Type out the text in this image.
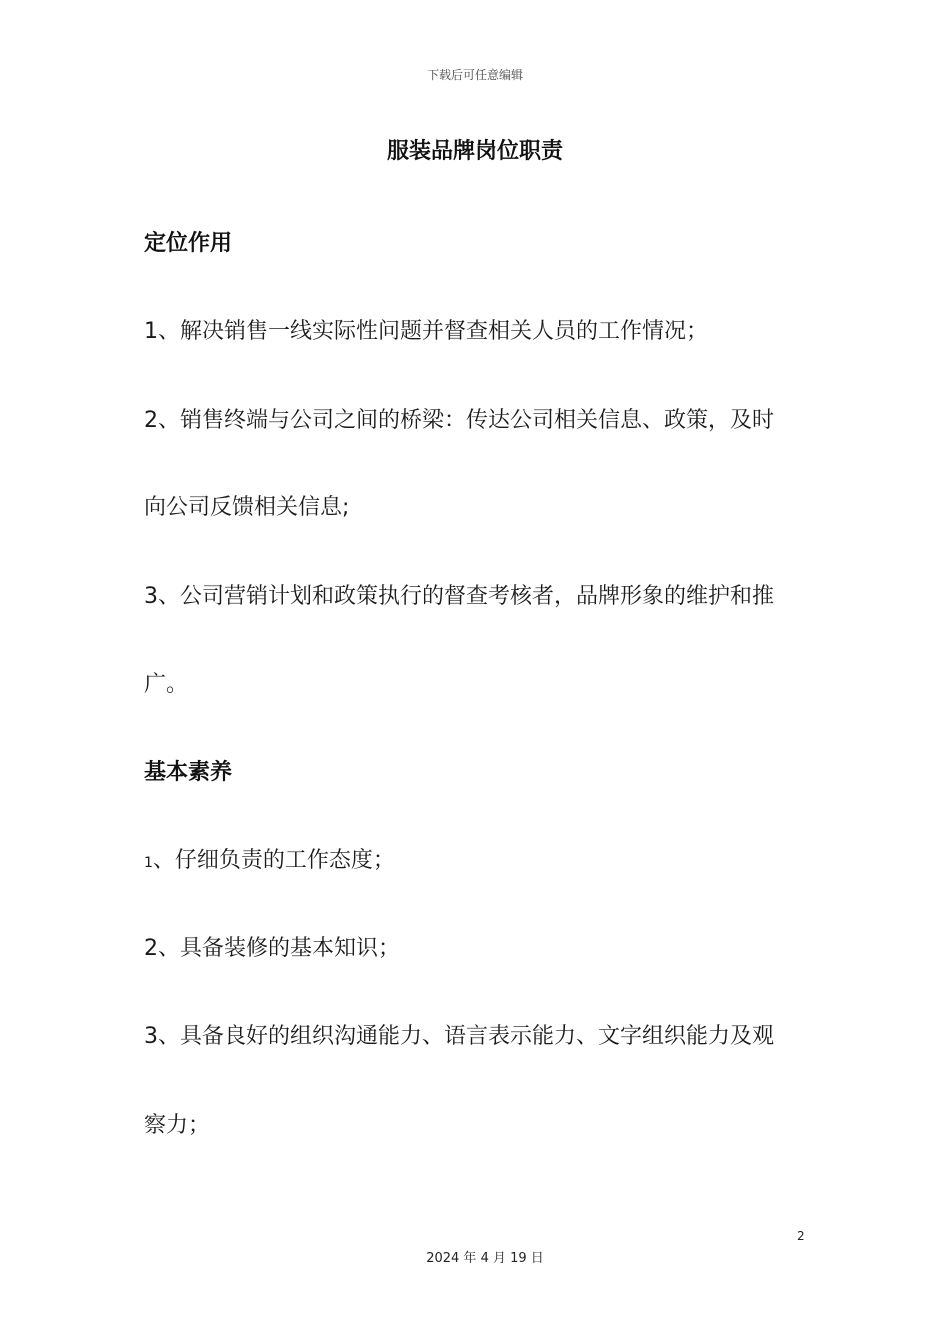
下载后可任意编辑
服装品牌岗位职责
定位作用
1、解决销售一线实际性问题并督查相关人员的工作情况；
2、销售终端与公司之间的桥梁：传达公司相关信息、政策，及时
向公司反馈相关信息;
3、公司营销计划和政策执行的督查考核者，品牌形象的维护和推
广。
基本素养
1、仔细负责的工作态度；
2、具备装修的基本知识；
3、具备良好的组织沟通能力、语言表示能力、文字组织能力及观
察力；
2
2024 年 4 月 19 日
